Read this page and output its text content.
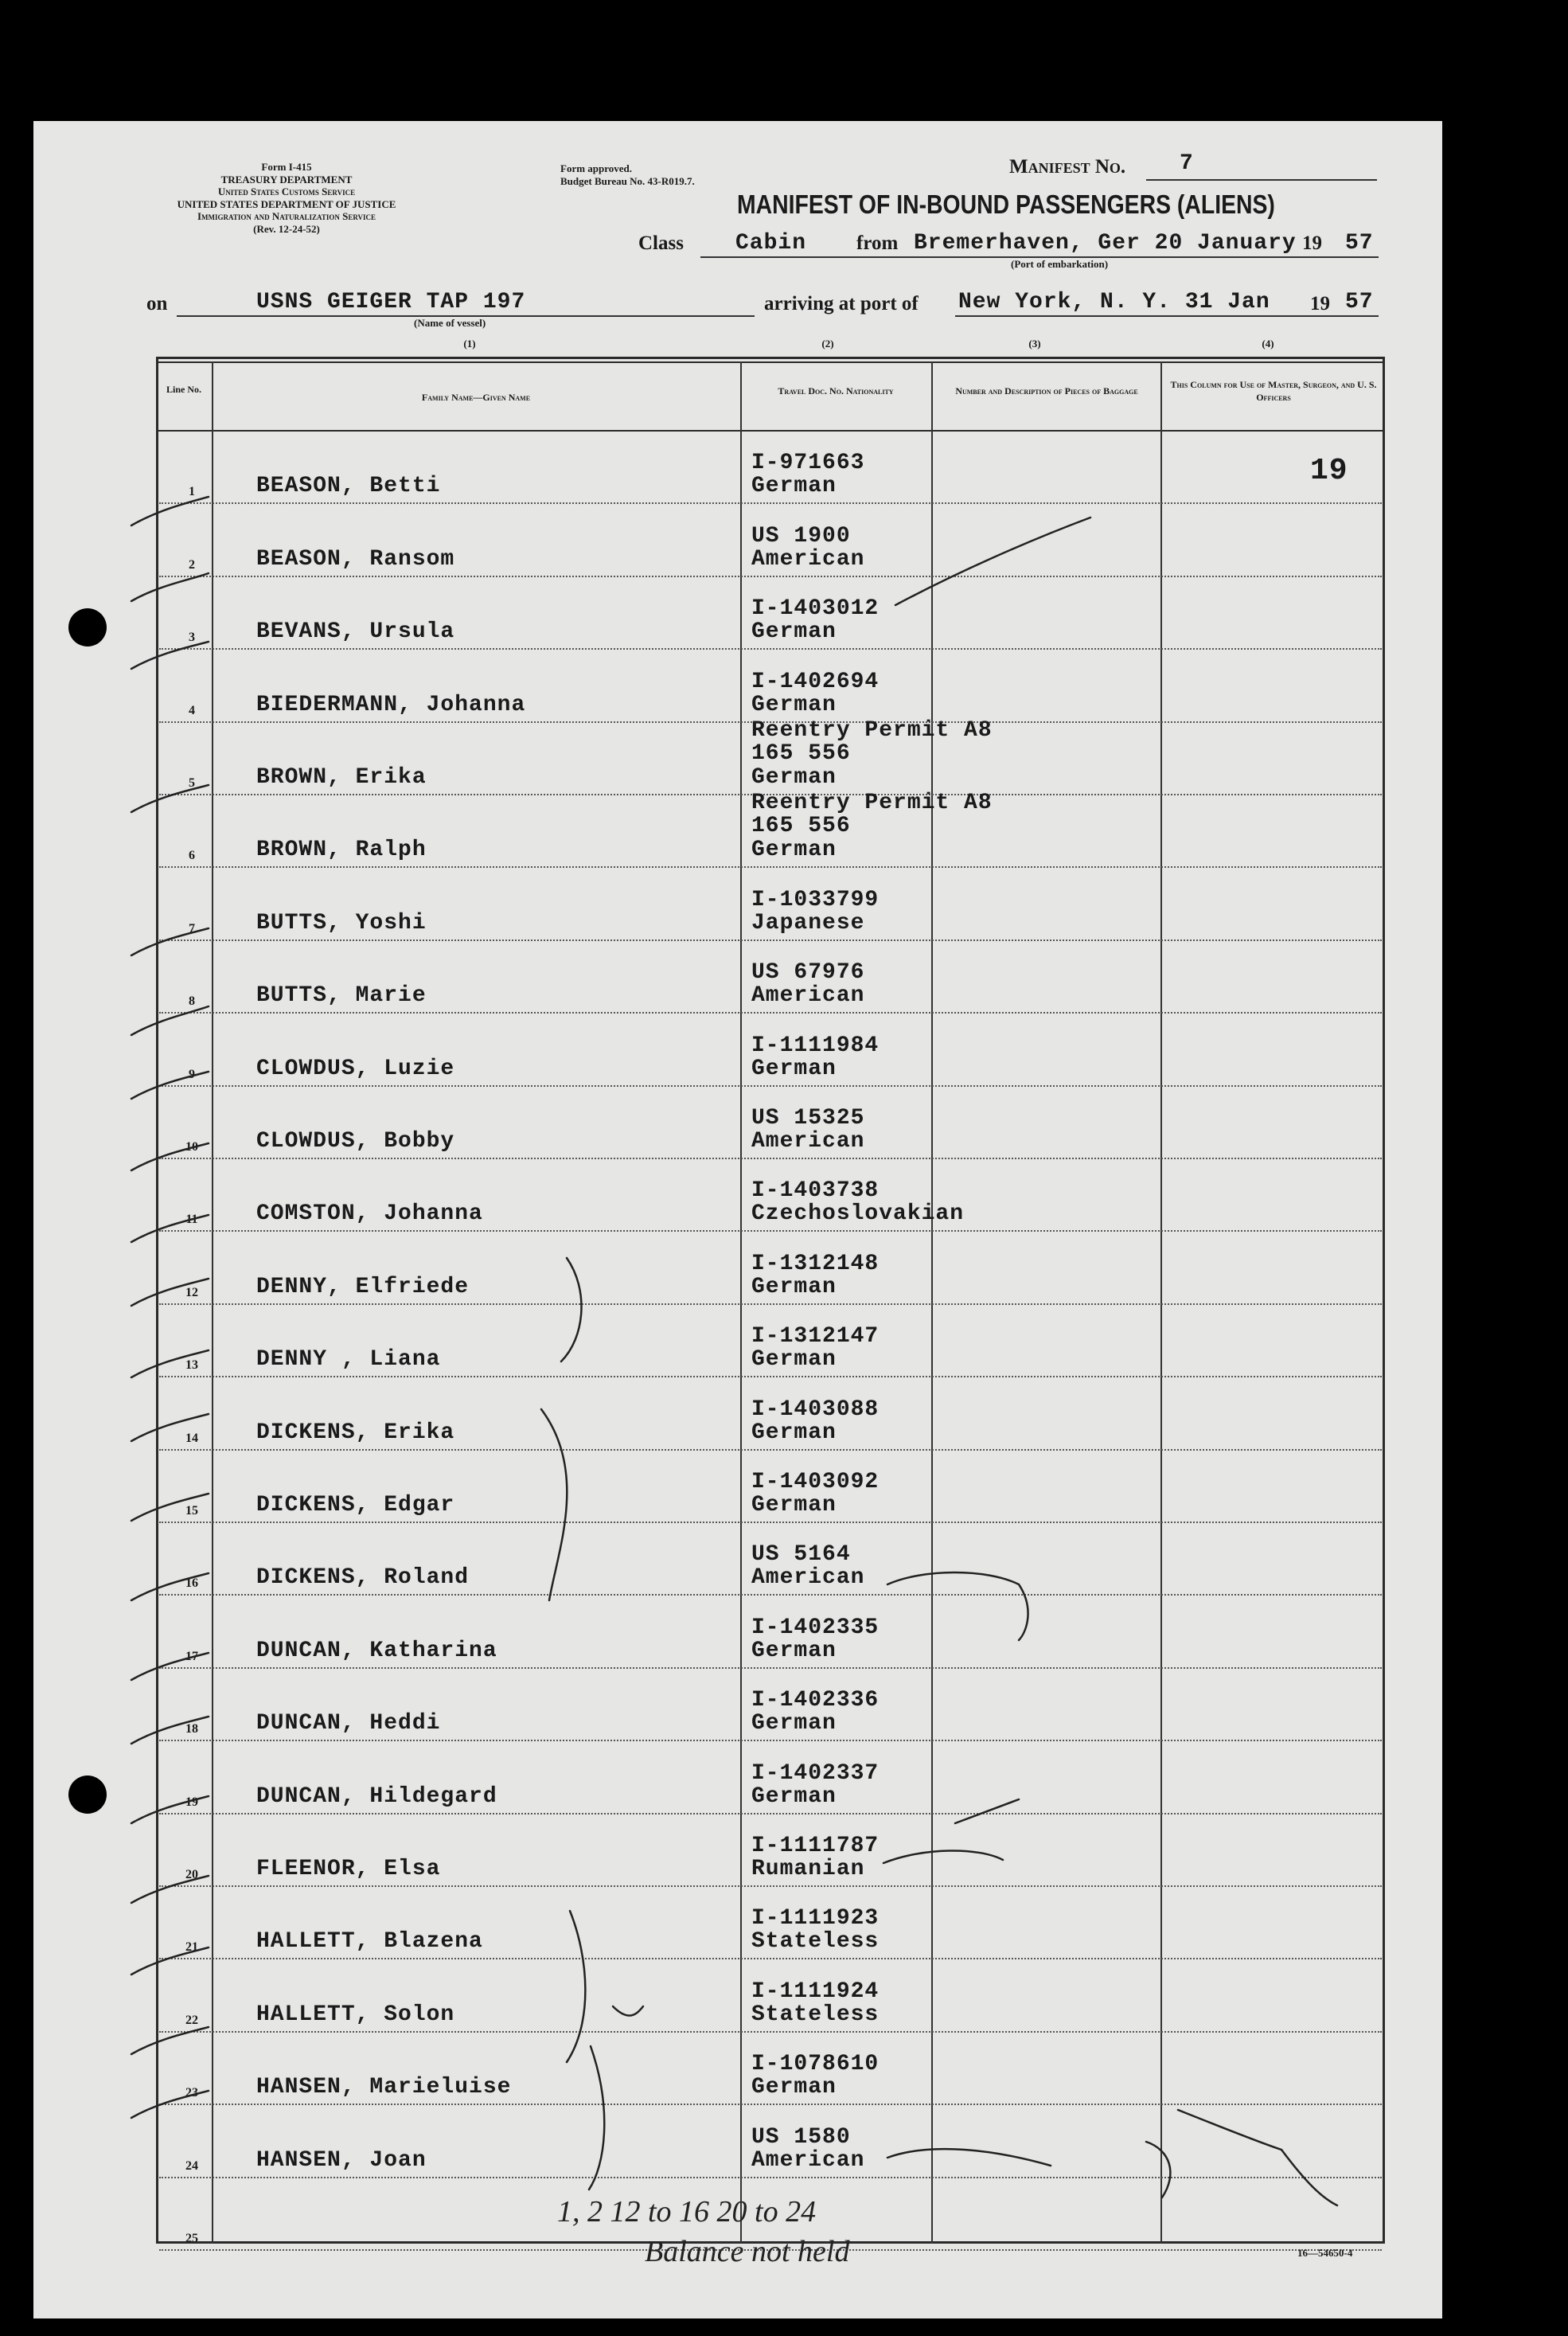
Form I-415
TREASURY DEPARTMENT
United States Customs Service
UNITED STATES DEPARTMENT OF JUSTICE
Immigration and Naturalization Service
(Rev. 12-24-52)
Form approved.
Budget Bureau No. 43-R019.7.
Manifest No. 7
MANIFEST OF IN-BOUND PASSENGERS (ALIENS)
Class Cabin	from Bremerhaven, Ger 20 January 19 57
(Port of embarkation)
on	USNS GEIGER TAP 197
(Name of vessel)
arriving at port of New York, N. Y. 31 Jan 19 57
(1)	(2)	(3)	(4)
Line No.
Family Name—Given Name
Travel Doc. No. Nationality	Number and Description of Pieces of Baggage
This Column for Use of Master, Surgeon, and U. S. Officers
19
1	BEASON, Betti
I-971663
German
2	BEASON, Ransom
US 1900
American
3	BEVANS, Ursula
I-1403012
German
4	BIEDERMANN, Johanna
I-1402694
German
5	BROWN, Erika
Reentry Permit A8 165 556
German
6	BROWN, Ralph
Reentry Permit A8 165 556
German
7	BUTTS, Yoshi
I-1033799
Japanese
8	BUTTS, Marie
US 67976
American
9	CLOWDUS, Luzie
I-1111984
German
10	CLOWDUS, Bobby
US 15325
American
11	COMSTON, Johanna
I-1403738
Czechoslovakian
12	DENNY, Elfriede
I-1312148
German
13	DENNY , Liana
I-1312147
German
14	DICKENS, Erika
I-1403088
German
15	DICKENS, Edgar
I-1403092
German
16	DICKENS, Roland
US 5164
American
17	DUNCAN, Katharina
I-1402335
German
18	DUNCAN, Heddi
I-1402336
German
19	DUNCAN, Hildegard
I-1402337
German
20	FLEENOR, Elsa
I-1111787
Rumanian
21	HALLETT, Blazena
I-1111923
Stateless
22	HALLETT, Solon
I-1111924
Stateless
23	HANSEN, Marieluise
I-1078610
German
24	HANSEN, Joan
US 1580
American
25
16—54650-4
1, 2 12 to 16 20 to 24
Balance not held
